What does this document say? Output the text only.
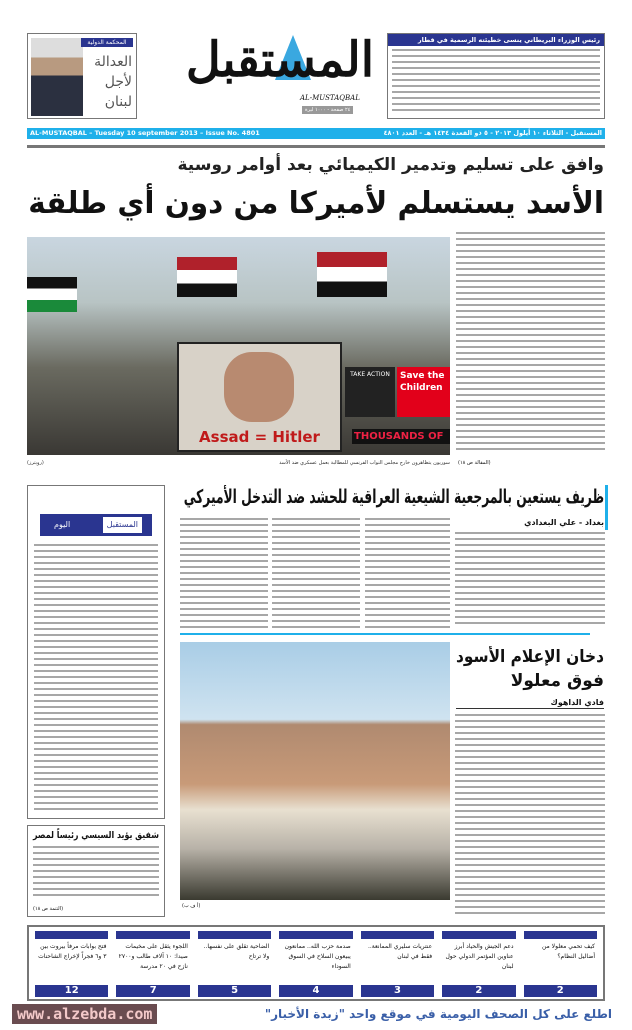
المحكمة الدولية
العدالة
لأجل
لبنان
المستقبل
AL-MUSTAQBAL
٢٤ صفحة - ١٠٠٠ ليرة
رئيس الوزراء البريطاني ينسى خطيئته الرسمية في قطار
AL-MUSTAQBAL – Tuesday 10 september 2013 – Issue No. 4801	المستقبل - الثلاثاء ١٠ أيلول ٢٠١٣ - ٥ ذو القعدة ١٤٣٤ هـ - العدد ٤٨٠١
وافق على تسليم وتدمير الكيميائي بعد أوامر روسية
الأسد يستسلم لأميركا من دون أي طلقة
Assad = Hitler
TAKE ACTION	Save the Children
THOUSANDS OF
سوريون يتظاهرون خارج مجلس النواب الفرنسي للمطالبة بعمل عسكري ضد الأسد
(رويترز)	(المقالة ص ١٨)
ظريف يستعين بالمرجعية الشيعية العراقية للحشد ضد التدخل الأميركي
بغداد - علي البغدادي
اليوم	المستقبل
(أ ف ب)
دخان الإعلام الأسود
فوق معلولا
فادي الداهوك
شفيق يؤيد السيسي رئيساً لمصر
(التتمة ص ١٨)
كيف تحمي معلولا من أضاليل النظام؟
2
دعم الجيش والحياد أبرز عناوين المؤتمر الدولي حول لبنان
2
عنتريات سليري الممانعة.. فقط في لبنان
3
صدمة حزب الله.. ممانعون يبيعون السلاح في السوق السوداء
4
الضاحية تقلق على نفسها.. ولا ترتاح
5
اللجوء يثقل على مخيمات صيدا: ١٠ آلاف طالب و٢٧٠٠ نازح في ٢٠ مدرسة
7
فتح بوابات مرفأ بيروت بين ٣ و٦ فجراً لإخراج الشاحنات
12
اطلع على كل الصحف اليومية في موقع واحد "زبدة الأخبار"
www.alzebda.com
